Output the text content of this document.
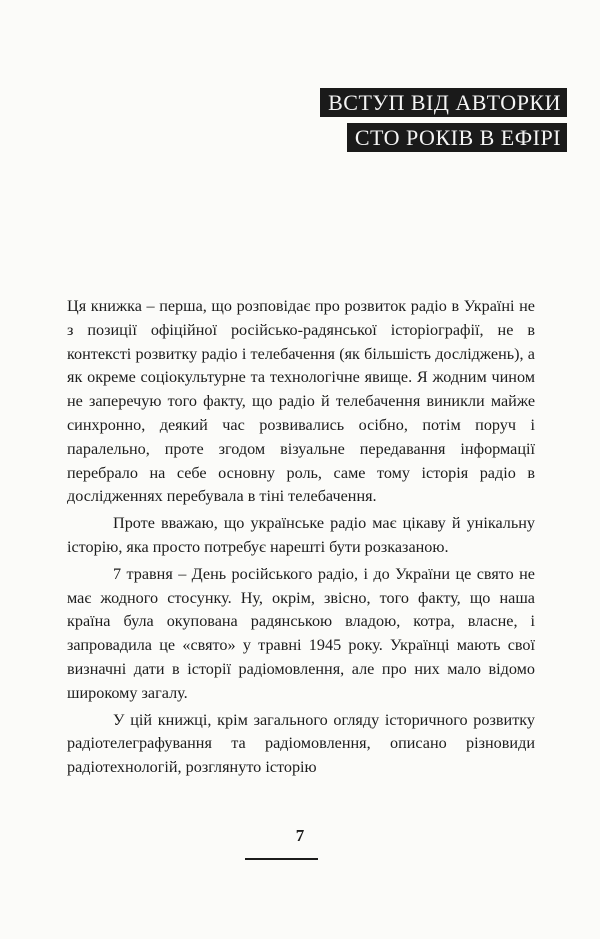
ВСТУП ВІД АВТОРКИ
СТО РОКІВ В ЕФІРІ

Ця книжка – перша, що розповідає про розвиток радіо в Україні не з позиції офіційної російсько-радянської історіографії, не в контексті розвитку радіо і телебачення (як більшість досліджень), а як окреме соціокультурне та технологічне явище. Я жодним чином не заперечую того факту, що радіо й телебачення виникли майже синхронно, деякий час розвивались осібно, потім поруч і паралельно, проте згодом візуальне передавання інформації перебрало на себе основну роль, саме тому історія радіо в дослідженнях перебувала в тіні телебачення.

Проте вважаю, що українське радіо має цікаву й унікальну історію, яка просто потребує нарешті бути розказаною.

7 травня – День російського радіо, і до України це свято не має жодного стосунку. Ну, окрім, звісно, того факту, що наша країна була окупована радянською владою, котра, власне, і запровадила це «свято» у травні 1945 року. Українці мають свої визначні дати в історії радіомовлення, але про них мало відомо широкому загалу.

У цій книжці, крім загального огляду історичного розвитку радіотелеграфування та радіомовлення, описано різновиди радіотехнологій, розглянуто історію

7
